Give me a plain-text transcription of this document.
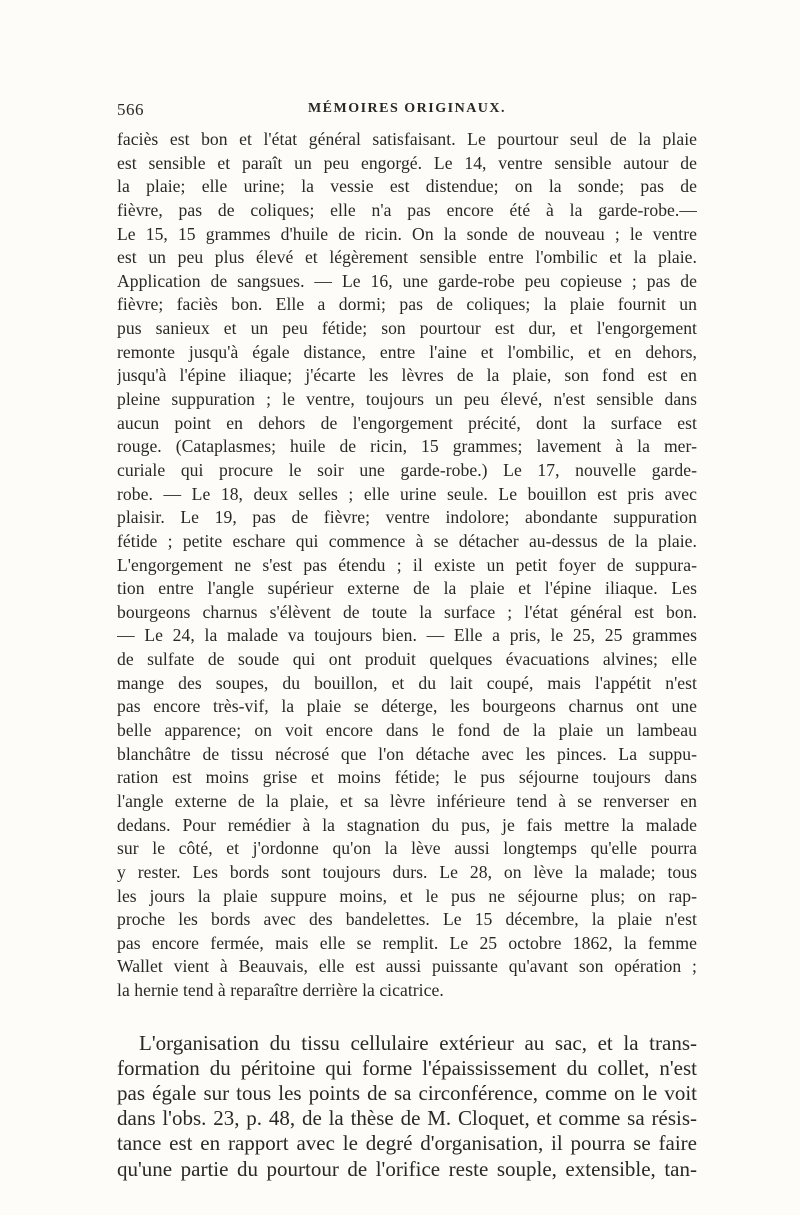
566	MÉMOIRES ORIGINAUX.
faciès est bon et l'état général satisfaisant. Le pourtour seul de la plaie
est sensible et paraît un peu engorgé. Le 14, ventre sensible autour de
la plaie; elle urine; la vessie est distendue; on la sonde; pas de
fièvre, pas de coliques; elle n'a pas encore été à la garde-robe.—
Le 15, 15 grammes d'huile de ricin. On la sonde de nouveau ; le ventre
est un peu plus élevé et légèrement sensible entre l'ombilic et la plaie.
Application de sangsues. — Le 16, une garde-robe peu copieuse ; pas de
fièvre; faciès bon. Elle a dormi; pas de coliques; la plaie fournit un
pus sanieux et un peu fétide; son pourtour est dur, et l'engorgement
remonte jusqu'à égale distance, entre l'aine et l'ombilic, et en dehors,
jusqu'à l'épine iliaque; j'écarte les lèvres de la plaie, son fond est en
pleine suppuration ; le ventre, toujours un peu élevé, n'est sensible dans
aucun point en dehors de l'engorgement précité, dont la surface est
rouge. (Cataplasmes; huile de ricin, 15 grammes; lavement à la mer-
curiale qui procure le soir une garde-robe.) Le 17, nouvelle garde-
robe. — Le 18, deux selles ; elle urine seule. Le bouillon est pris avec
plaisir. Le 19, pas de fièvre; ventre indolore; abondante suppuration
fétide ; petite eschare qui commence à se détacher au-dessus de la plaie.
L'engorgement ne s'est pas étendu ; il existe un petit foyer de suppura-
tion entre l'angle supérieur externe de la plaie et l'épine iliaque. Les
bourgeons charnus s'élèvent de toute la surface ; l'état général est bon.
— Le 24, la malade va toujours bien. — Elle a pris, le 25, 25 grammes
de sulfate de soude qui ont produit quelques évacuations alvines; elle
mange des soupes, du bouillon, et du lait coupé, mais l'appétit n'est
pas encore très-vif, la plaie se déterge, les bourgeons charnus ont une
belle apparence; on voit encore dans le fond de la plaie un lambeau
blanchâtre de tissu nécrosé que l'on détache avec les pinces. La suppu-
ration est moins grise et moins fétide; le pus séjourne toujours dans
l'angle externe de la plaie, et sa lèvre inférieure tend à se renverser en
dedans. Pour remédier à la stagnation du pus, je fais mettre la malade
sur le côté, et j'ordonne qu'on la lève aussi longtemps qu'elle pourra
y rester. Les bords sont toujours durs. Le 28, on lève la malade; tous
les jours la plaie suppure moins, et le pus ne séjourne plus; on rap-
proche les bords avec des bandelettes. Le 15 décembre, la plaie n'est
pas encore fermée, mais elle se remplit. Le 25 octobre 1862, la femme
Wallet vient à Beauvais, elle est aussi puissante qu'avant son opération ;
la hernie tend à reparaître derrière la cicatrice.
L'organisation du tissu cellulaire extérieur au sac, et la trans-
formation du péritoine qui forme l'épaississement du collet, n'est
pas égale sur tous les points de sa circonférence, comme on le voit
dans l'obs. 23, p. 48, de la thèse de M. Cloquet, et comme sa résis-
tance est en rapport avec le degré d'organisation, il pourra se faire
qu'une partie du pourtour de l'orifice reste souple, extensible, tan-
